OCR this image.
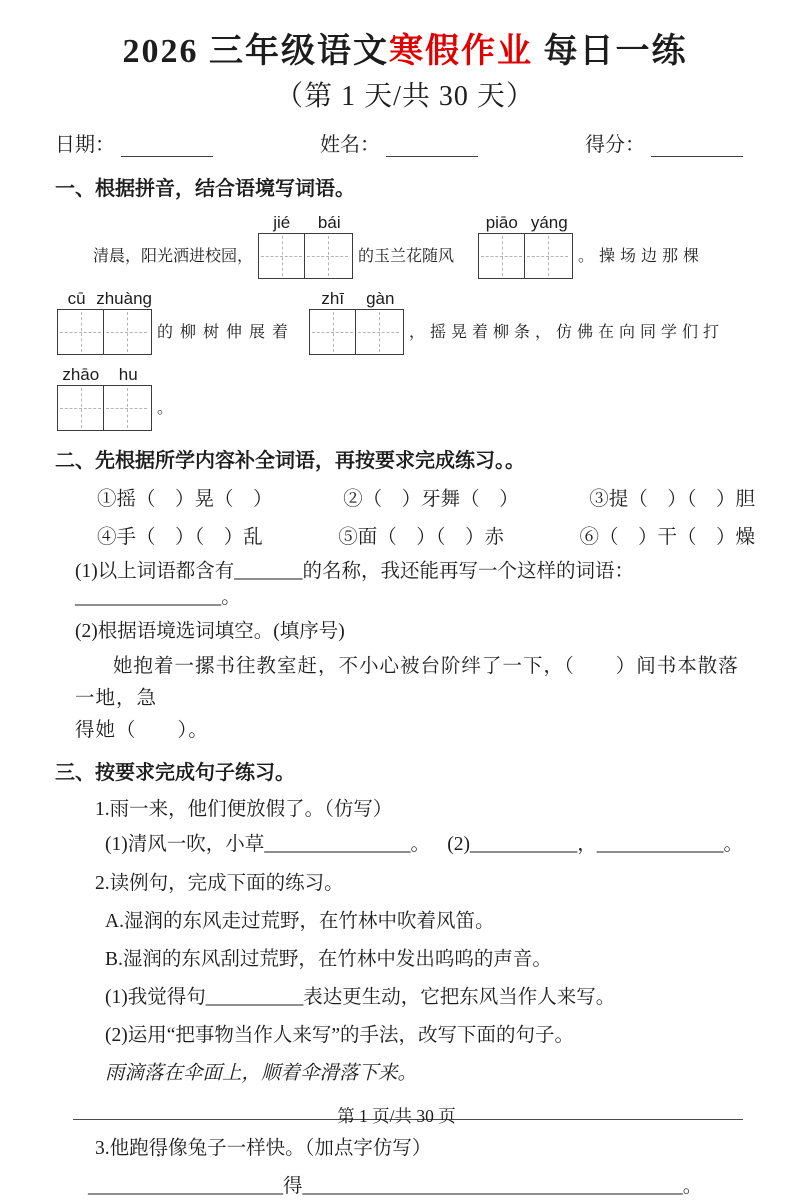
2026 三年级语文寒假作业 每日一练
（第 1 天/共 30 天）
日期：	姓名：	得分：
一、根据拼音，结合语境写词语。
清晨，阳光洒进校园，
jié	bái
的玉兰花随风
piāo yáng
。操场边那棵
cū zhuàng
的柳树伸展着
zhī	gàn
，摇晃着柳条，仿佛在向同学们打
zhāo	hu
。
二、先根据所学内容补全词语，再按要求完成练习。。
①摇（　）晃（　）	②（　）牙舞（　）	③提（　）（　）胆
④手（　）（　）乱	⑤面（　）（　）赤	⑥（　）干（　）燥
(1)以上词语都含有_______的名称，我还能再写一个这样的词语：_______________。
(2)根据语境选词填空。(填序号)
她抱着一摞书往教室赶，不小心被台阶绊了一下，（　　）间书本散落一地，急
得她（　　）。
三、按要求完成句子练习。
1.雨一来，他们便放假了。（仿写）
(1)清风一吹，小草_______________。 (2)___________，_____________。
2.读例句，完成下面的练习。
A.湿润的东风走过荒野，在竹林中吹着风笛。
B.湿润的东风刮过荒野，在竹林中发出呜呜的声音。
(1)我觉得句__________表达更生动，它把东风当作人来写。
(2)运用“把事物当作人来写”的手法，改写下面的句子。
雨滴落在伞面上，顺着伞滑落下来。
3.他跑得像兔子一样快。（加点字仿写）
____________________得_______________________________________。
第 1 页/共 30 页
